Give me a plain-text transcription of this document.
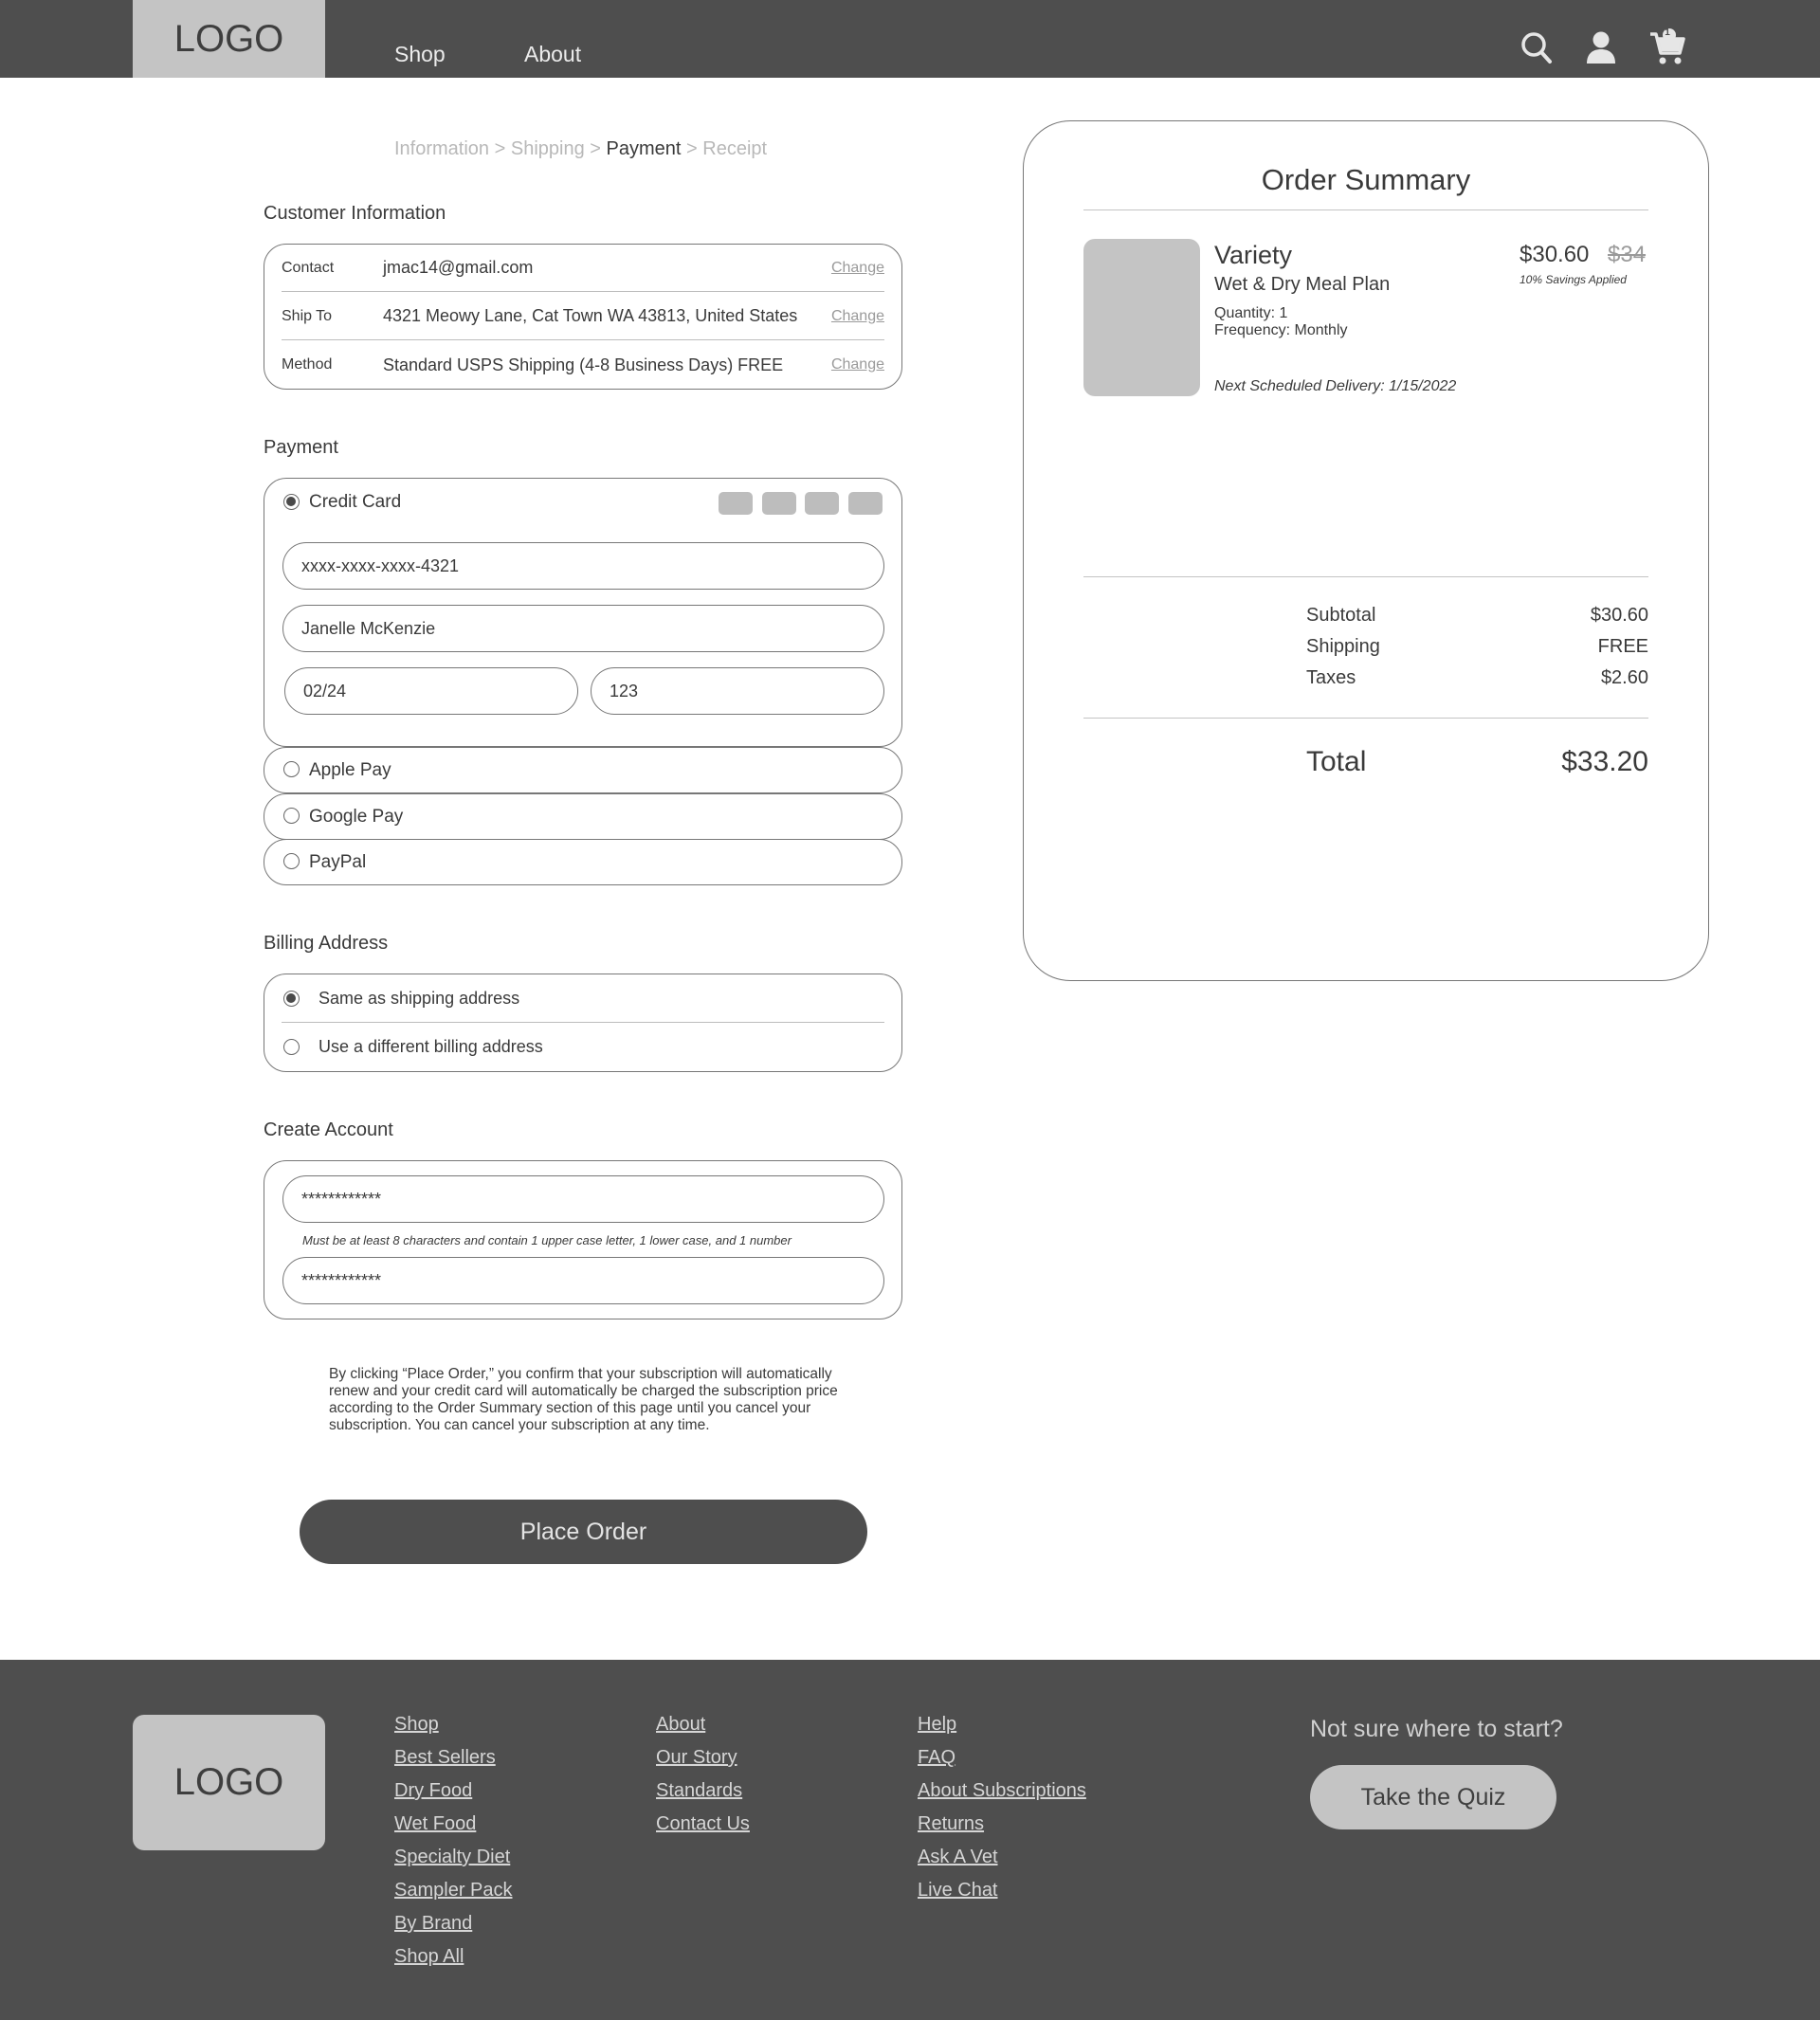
LOGO	Shop	About
1
Information > Shipping > Payment > Receipt
Customer Information
Contact	jmac14@gmail.com	Change
Ship To	4321 Meowy Lane, Cat Town WA 43813, United States	Change
Method	Standard USPS Shipping (4-8 Business Days) FREE	Change
Payment
Credit Card
xxxx-xxxx-xxxx-4321
Janelle McKenzie
02/24	123
Apple Pay
Google Pay
PayPal
Billing Address
Same as shipping address
Use a different billing address
Create Account
************
Must be at least 8 characters and contain 1 upper case letter, 1 lower case, and 1 number
************
By clicking “Place Order,” you confirm that your subscription will automatically renew and your credit card will automatically be charged the subscription price according to the Order Summary section of this page until you cancel your subscription. You can cancel your subscription at any time.
Place Order
Order Summary
Variety
Wet & Dry Meal Plan
Quantity: 1
Frequency: Monthly
Next Scheduled Delivery: 1/15/2022
$30.60 $34
10% Savings Applied
Subtotal	$30.60
Shipping	FREE
Taxes	$2.60
Total	$33.20
LOGO
Shop
Best Sellers
Dry Food
Wet Food
Specialty Diet
Sampler Pack
By Brand
Shop All
About
Our Story
Standards
Contact Us
Help
FAQ
About Subscriptions
Returns
Ask A Vet
Live Chat
Not sure where to start?
Take the Quiz
